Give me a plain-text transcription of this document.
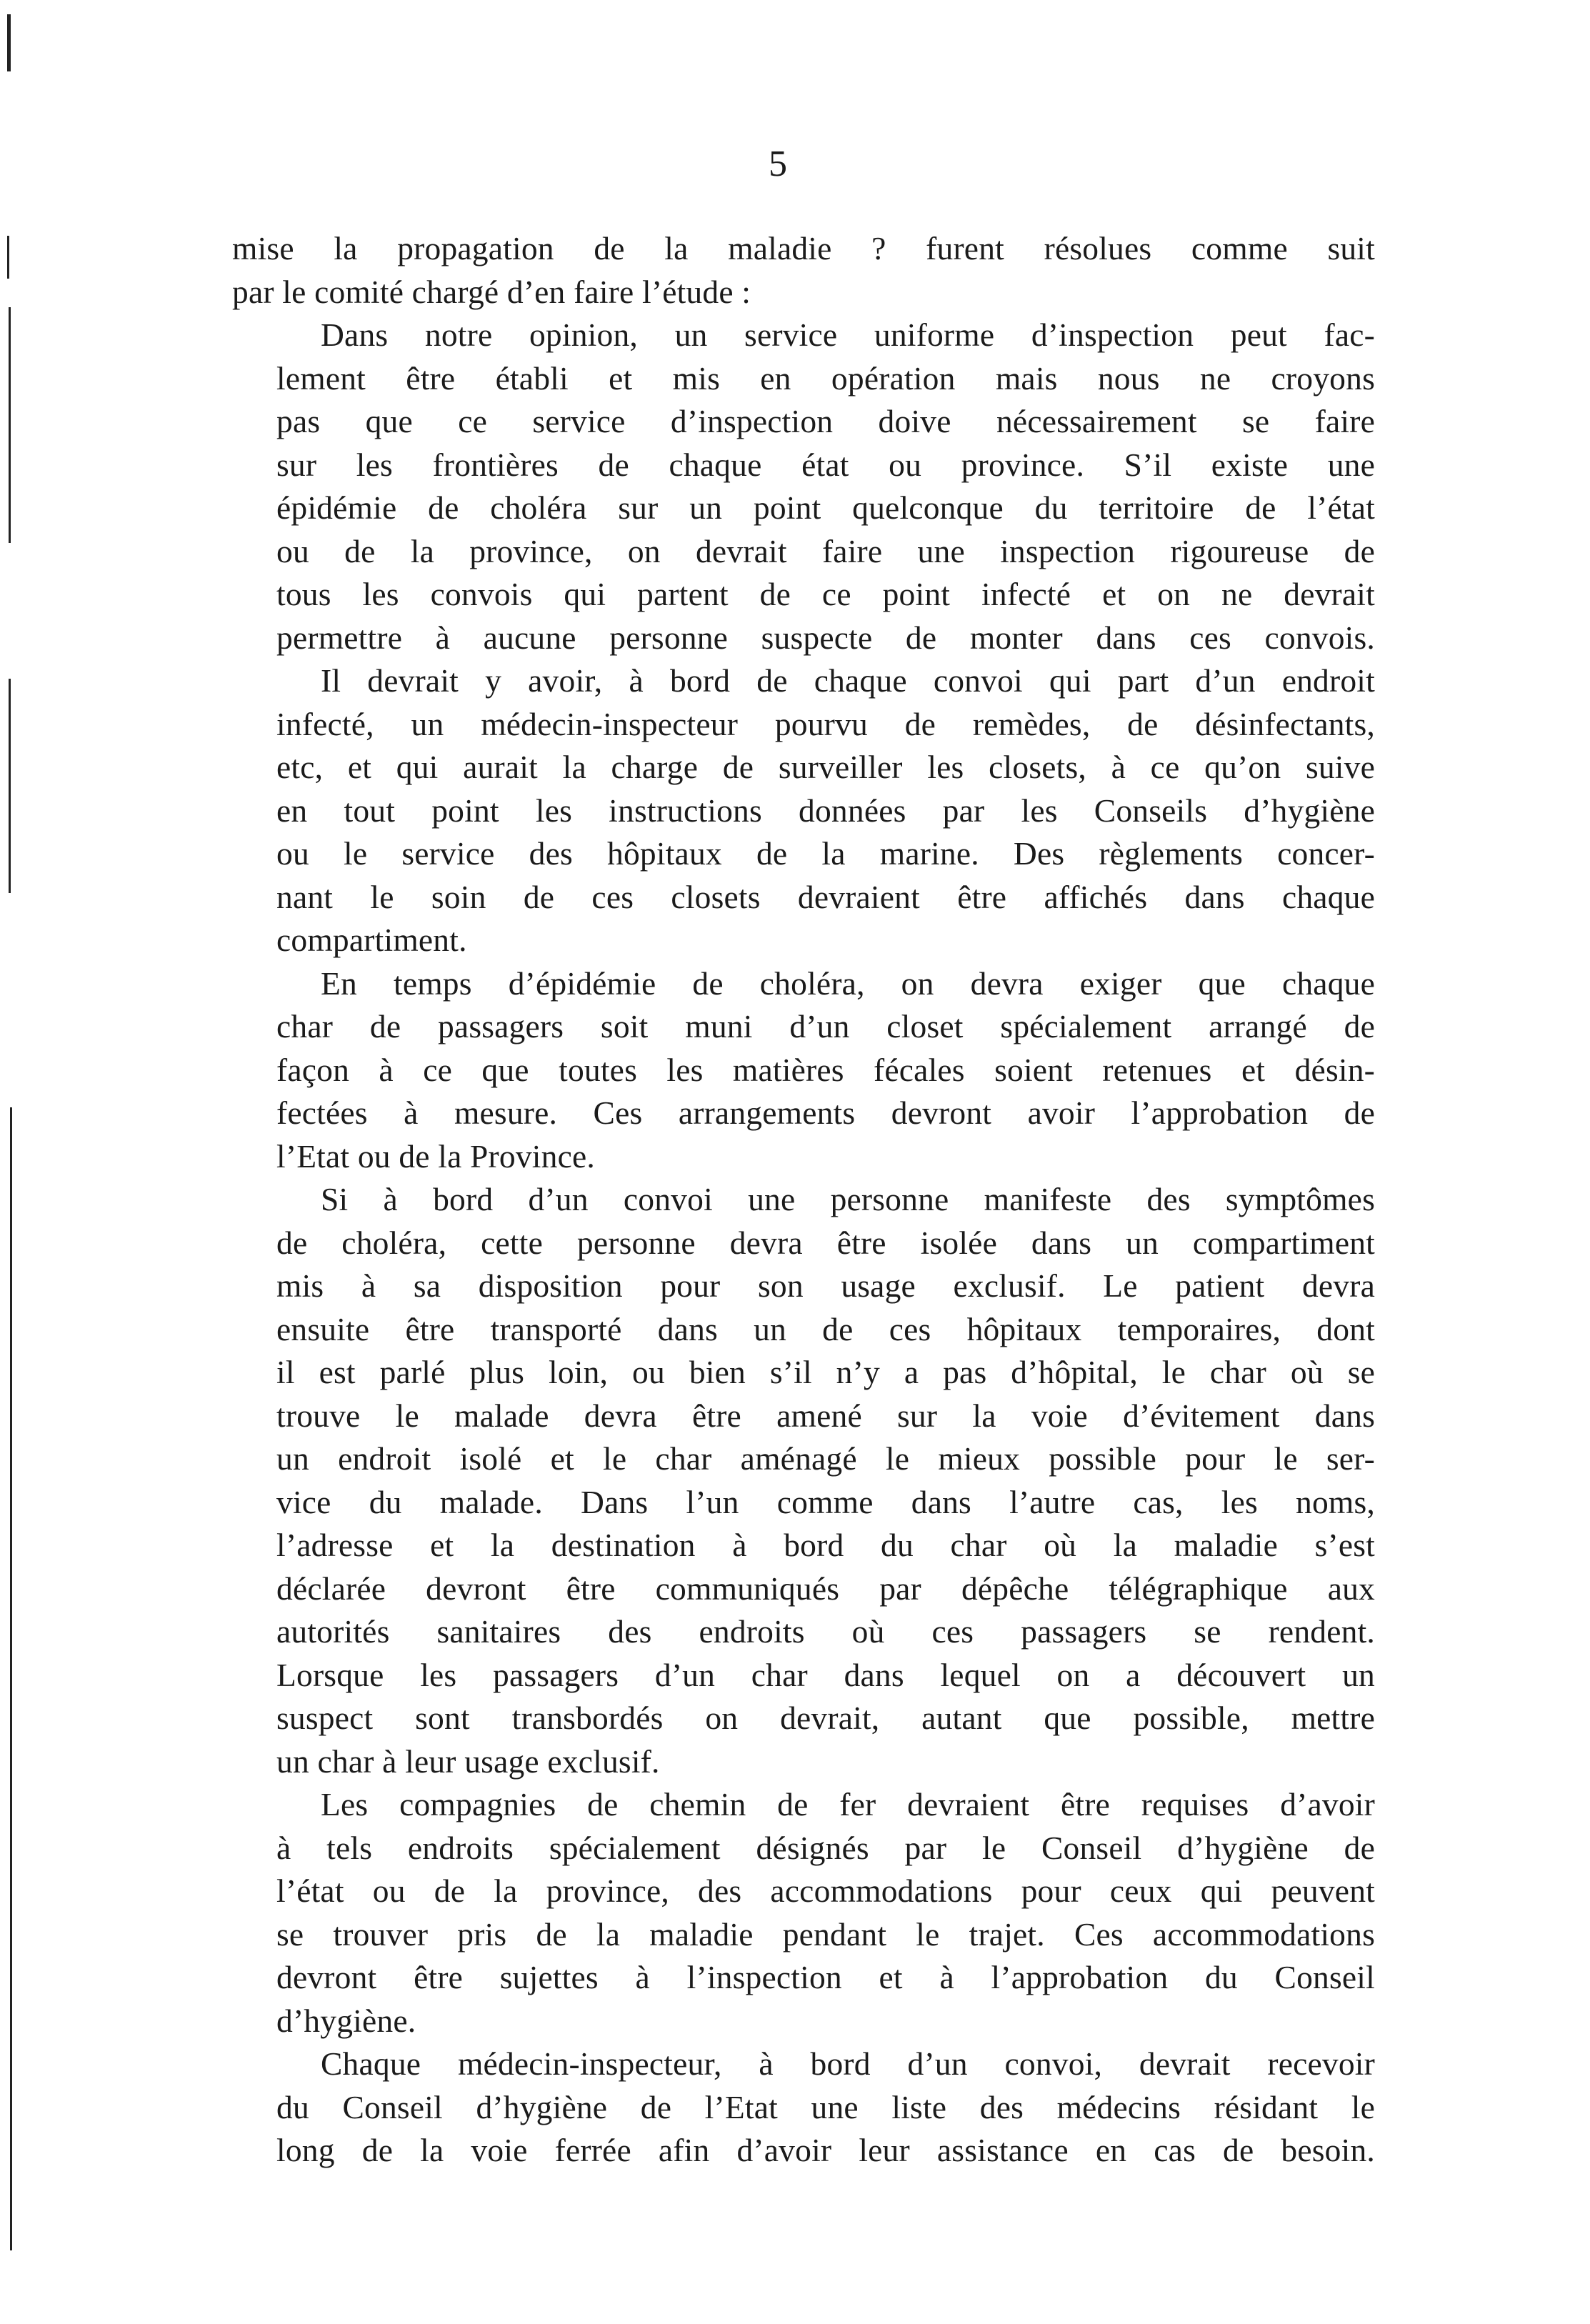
5
mise la propagation de la maladie ? furent résolues comme suit
par le comité chargé d’en faire l’étude :
Dans notre opinion, un service uniforme d’inspection peut fac-
lement être établi et mis en opération mais nous ne croyons
pas que ce service d’inspection doive nécessairement se faire
sur les frontières de chaque état ou province. S’il existe une
épidémie de choléra sur un point quelconque du territoire de l’état
ou de la province, on devrait faire une inspection rigoureuse de
tous les convois qui partent de ce point infecté et on ne devrait
permettre à aucune personne suspecte de monter dans ces convois.
Il devrait y avoir, à bord de chaque convoi qui part d’un endroit
infecté, un médecin-inspecteur pourvu de remèdes, de désinfectants,
etc, et qui aurait la charge de surveiller les closets, à ce qu’on suive
en tout point les instructions données par les Conseils d’hygiène
ou le service des hôpitaux de la marine. Des règlements concer-
nant le soin de ces closets devraient être affichés dans chaque
compartiment.
En temps d’épidémie de choléra, on devra exiger que chaque
char de passagers soit muni d’un closet spécialement arrangé de
façon à ce que toutes les matières fécales soient retenues et désin-
fectées à mesure. Ces arrangements devront avoir l’approbation de
l’Etat ou de la Province.
Si à bord d’un convoi une personne manifeste des symptômes
de choléra, cette personne devra être isolée dans un compartiment
mis à sa disposition pour son usage exclusif. Le patient devra
ensuite être transporté dans un de ces hôpitaux temporaires, dont
il est parlé plus loin, ou bien s’il n’y a pas d’hôpital, le char où se
trouve le malade devra être amené sur la voie d’évitement dans
un endroit isolé et le char aménagé le mieux possible pour le ser-
vice du malade. Dans l’un comme dans l’autre cas, les noms,
l’adresse et la destination à bord du char où la maladie s’est
déclarée devront être communiqués par dépêche télégraphique aux
autorités sanitaires des endroits où ces passagers se rendent.
Lorsque les passagers d’un char dans lequel on a découvert un
suspect sont transbordés on devrait, autant que possible, mettre
un char à leur usage exclusif.
Les compagnies de chemin de fer devraient être requises d’avoir
à tels endroits spécialement désignés par le Conseil d’hygiène de
l’état ou de la province, des accommodations pour ceux qui peuvent
se trouver pris de la maladie pendant le trajet. Ces accommodations
devront être sujettes à l’inspection et à l’approbation du Conseil
d’hygiène.
Chaque médecin-inspecteur, à bord d’un convoi, devrait recevoir
du Conseil d’hygiène de l’Etat une liste des médecins résidant le
long de la voie ferrée afin d’avoir leur assistance en cas de besoin.
